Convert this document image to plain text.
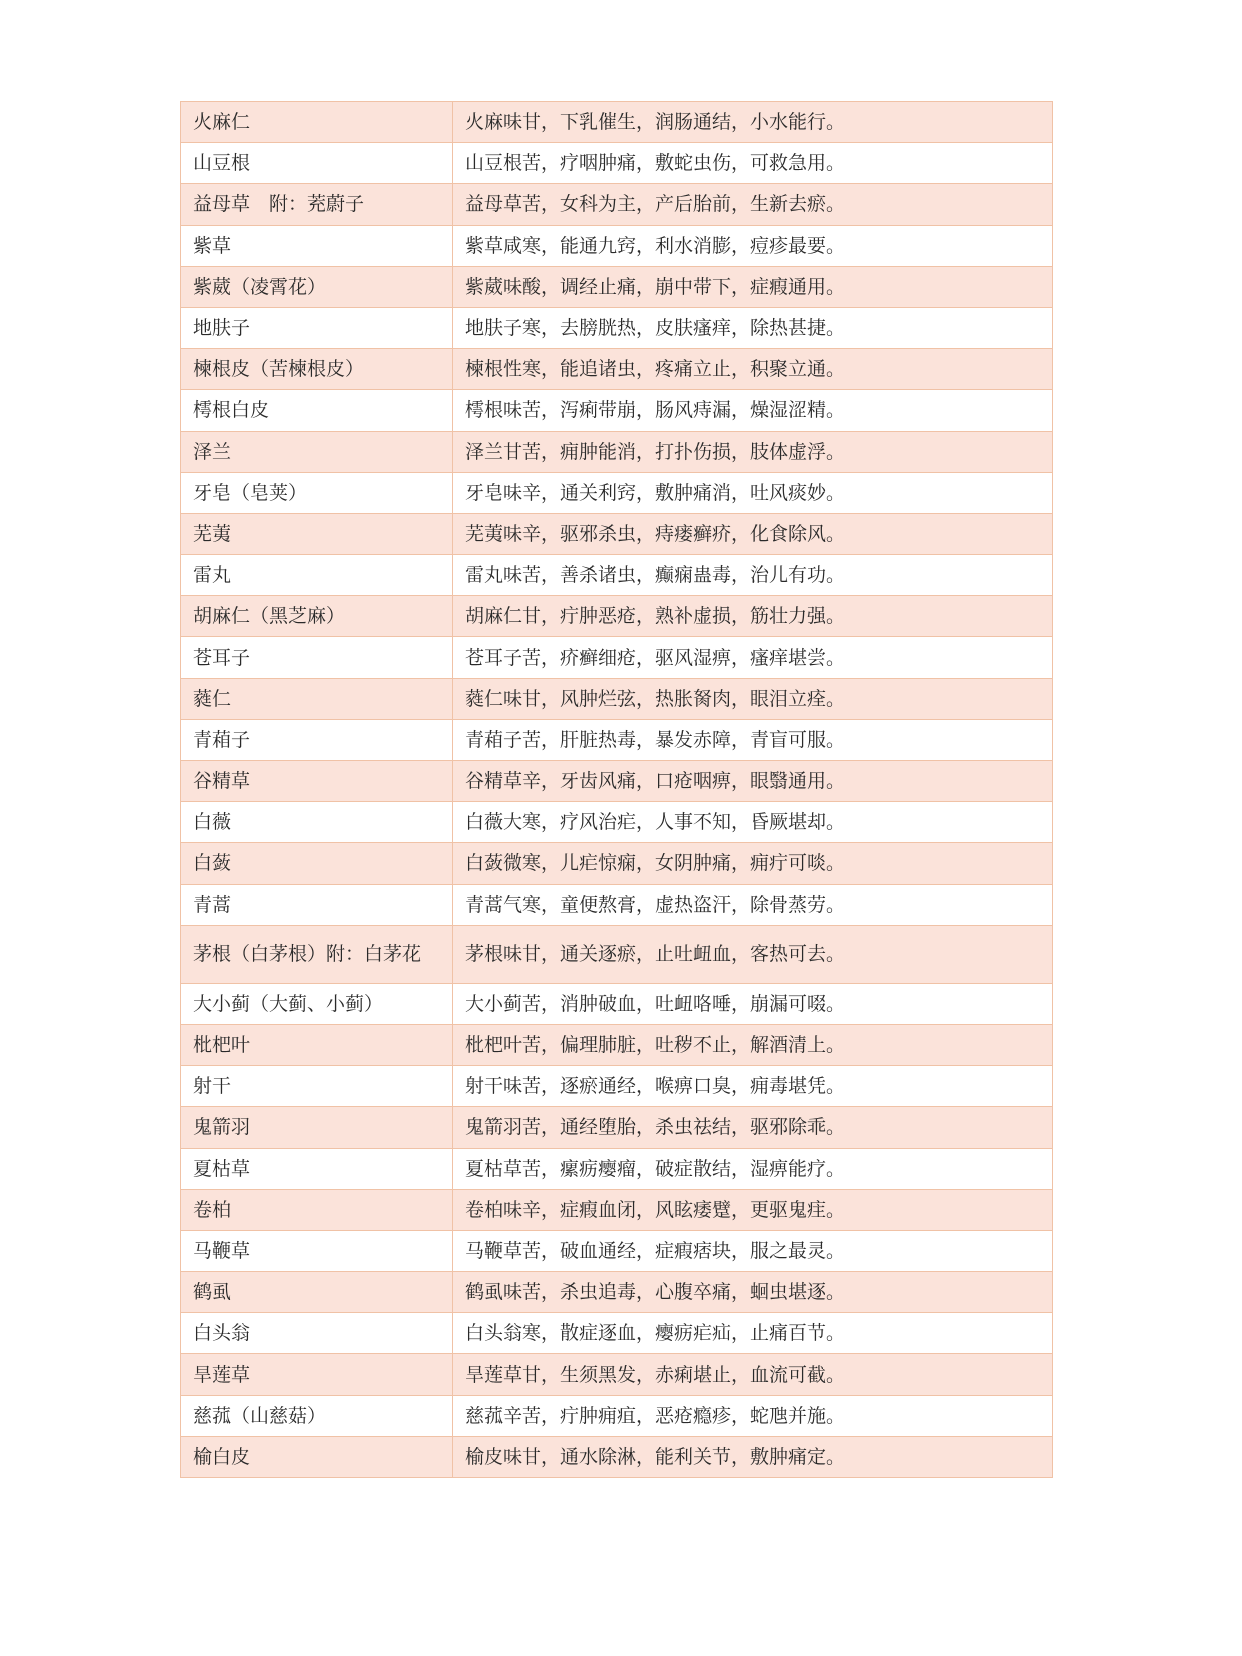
火麻仁	火麻味甘，下乳催生，润肠通结，小水能行。
山豆根	山豆根苦，疗咽肿痛，敷蛇虫伤，可救急用。
益母草　附：茺蔚子	益母草苦，女科为主，产后胎前，生新去瘀。
紫草	紫草咸寒，能通九窍，利水消膨，痘疹最要。
紫葳（凌霄花）	紫葳味酸，调经止痛，崩中带下，症瘕通用。
地肤子	地肤子寒，去膀胱热，皮肤瘙痒，除热甚捷。
楝根皮（苦楝根皮）	楝根性寒，能追诸虫，疼痛立止，积聚立通。
樗根白皮	樗根味苦，泻痢带崩，肠风痔漏，燥湿涩精。
泽兰	泽兰甘苦，痈肿能消，打扑伤损，肢体虚浮。
牙皂（皂荚）	牙皂味辛，通关利窍，敷肿痛消，吐风痰妙。
芜荑	芜荑味辛，驱邪杀虫，痔瘘癣疥，化食除风。
雷丸	雷丸味苦，善杀诸虫，癫痫蛊毒，治儿有功。
胡麻仁（黑芝麻）	胡麻仁甘，疔肿恶疮，熟补虚损，筋壮力强。
苍耳子	苍耳子苦，疥癣细疮，驱风湿痹，瘙痒堪尝。
蕤仁	蕤仁味甘，风肿烂弦，热胀胬肉，眼泪立痊。
青葙子	青葙子苦，肝脏热毒，暴发赤障，青盲可服。
谷精草	谷精草辛，牙齿风痛，口疮咽痹，眼翳通用。
白薇	白薇大寒，疗风治疟，人事不知，昏厥堪却。
白蔹	白蔹微寒，儿疟惊痫，女阴肿痛，痈疔可啖。
青蒿	青蒿气寒，童便熬膏，虚热盗汗，除骨蒸劳。
茅根（白茅根）附：白茅花	茅根味甘，通关逐瘀，止吐衄血，客热可去。
大小蓟（大蓟、小蓟）	大小蓟苦，消肿破血，吐衄咯唾，崩漏可啜。
枇杷叶	枇杷叶苦，偏理肺脏，吐秽不止，解酒清上。
射干	射干味苦，逐瘀通经，喉痹口臭，痈毒堪凭。
鬼箭羽	鬼箭羽苦，通经堕胎，杀虫祛结，驱邪除乖。
夏枯草	夏枯草苦，瘰疬瘿瘤，破症散结，湿痹能疗。
卷柏	卷柏味辛，症瘕血闭，风眩痿躄，更驱鬼疰。
马鞭草	马鞭草苦，破血通经，症瘕痞块，服之最灵。
鹤虱	鹤虱味苦，杀虫追毒，心腹卒痛，蛔虫堪逐。
白头翁	白头翁寒，散症逐血，瘿疬疟疝，止痛百节。
旱莲草	旱莲草甘，生须黑发，赤痢堪止，血流可截。
慈菰（山慈菇）	慈菰辛苦，疔肿痈疽，恶疮瘾疹，蛇虺并施。
榆白皮	榆皮味甘，通水除淋，能利关节，敷肿痛定。
